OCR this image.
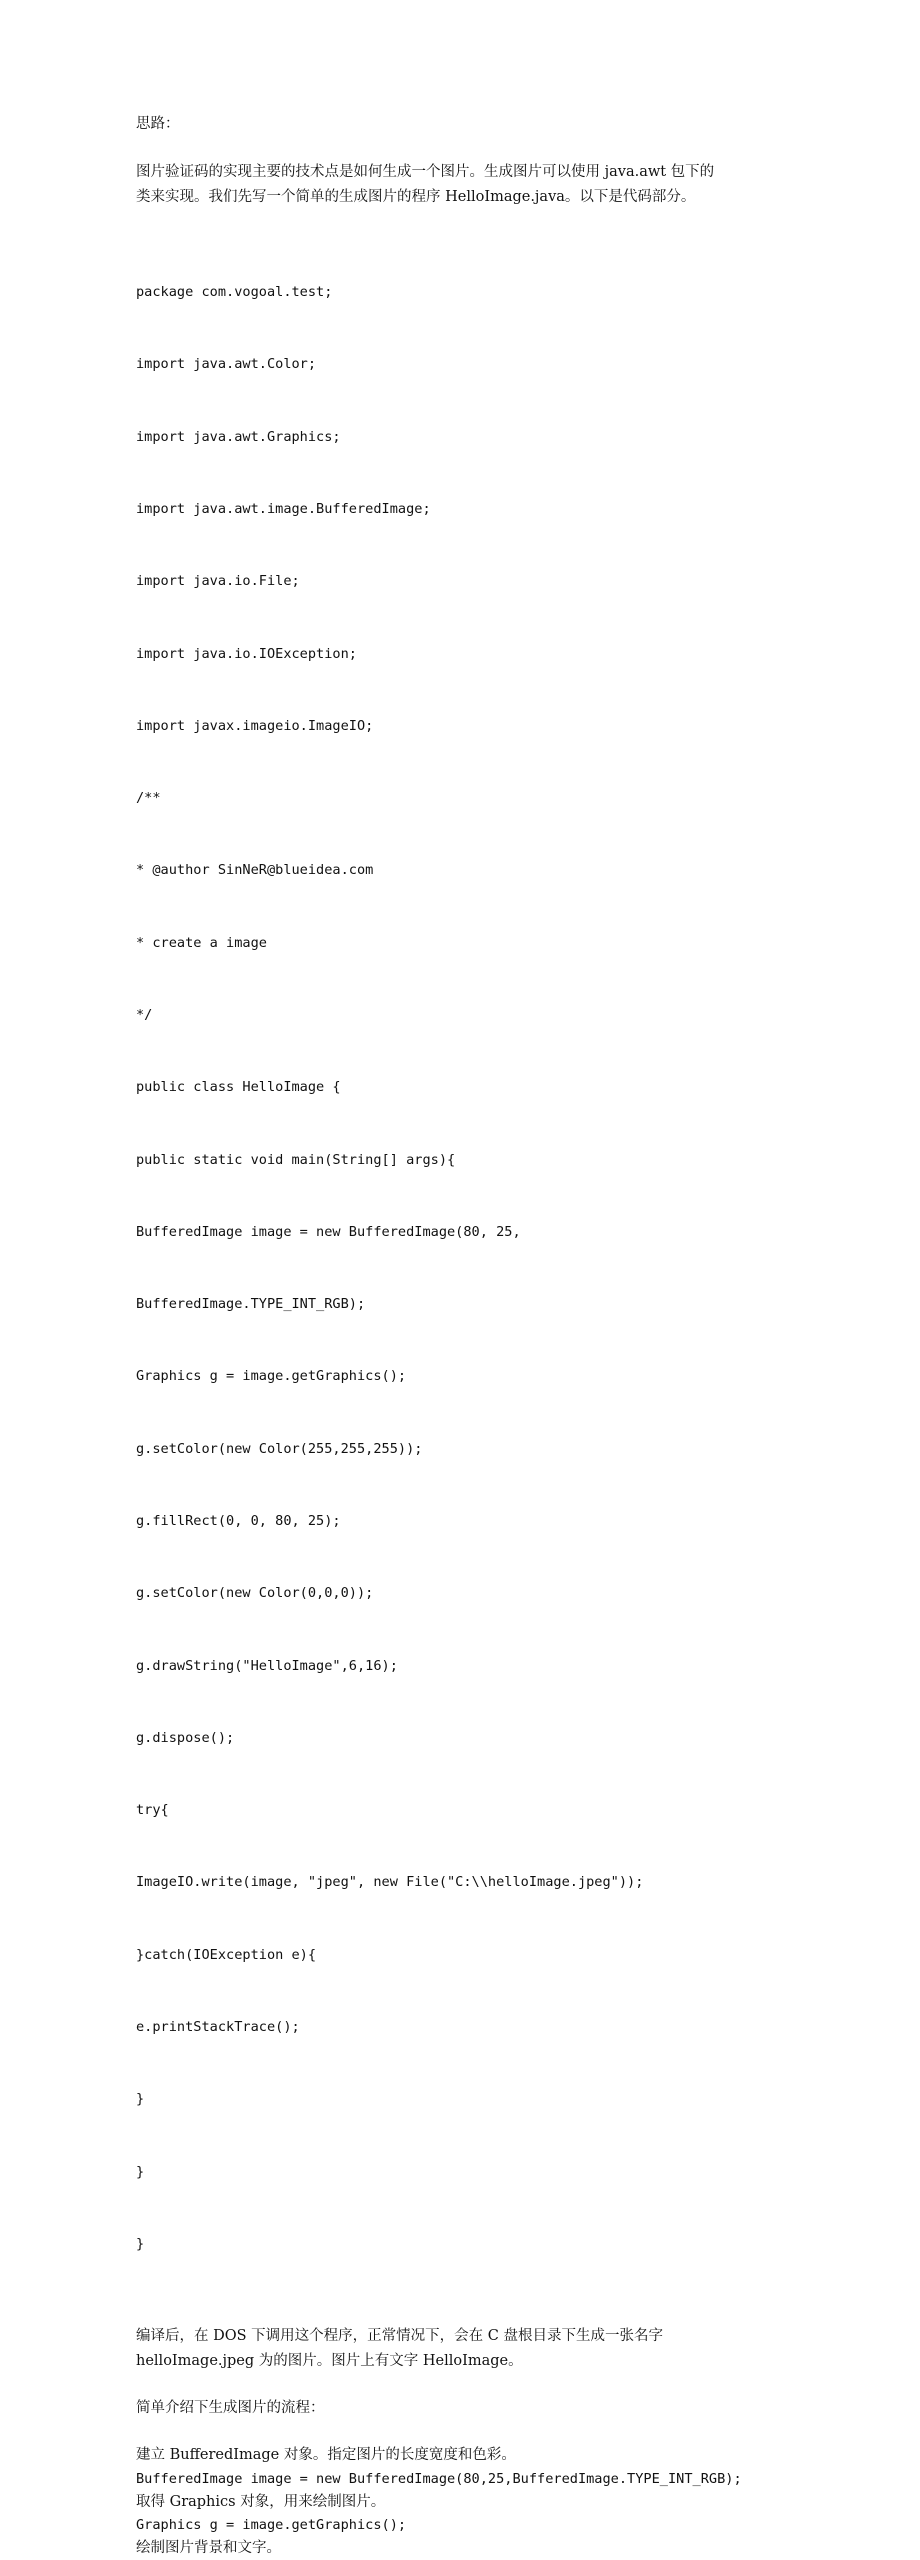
思路：

图片验证码的实现主要的技术点是如何生成一个图片。生成图片可以使用 java.awt 包下的

类来实现。我们先写一个简单的生成图片的程序 HelloImage.java。以下是代码部分。

package com.vogoal.test;

import java.awt.Color;

import java.awt.Graphics;

import java.awt.image.BufferedImage;

import java.io.File;

import java.io.IOException;

import javax.imageio.ImageIO;

/**

* @author SinNeR@blueidea.com

* create a image

*/

public class HelloImage {

public static void main(String[] args){

BufferedImage image = new BufferedImage(80, 25,

BufferedImage.TYPE_INT_RGB);

Graphics g = image.getGraphics();

g.setColor(new Color(255,255,255));

g.fillRect(0, 0, 80, 25);

g.setColor(new Color(0,0,0));

g.drawString("HelloImage",6,16);

g.dispose();

try{

ImageIO.write(image, "jpeg", new File("C:\\helloImage.jpeg"));

}catch(IOException e){

e.printStackTrace();

}

}

}

编译后，在 DOS 下调用这个程序，正常情况下，会在 C 盘根目录下生成一张名字

helloImage.jpeg 为的图片。图片上有文字 HelloImage。

简单介绍下生成图片的流程：

建立 BufferedImage 对象。指定图片的长度宽度和色彩。

BufferedImage image = new BufferedImage(80,25,BufferedImage.TYPE_INT_RGB);

取得 Graphics 对象，用来绘制图片。

Graphics g = image.getGraphics();

绘制图片背景和文字。
